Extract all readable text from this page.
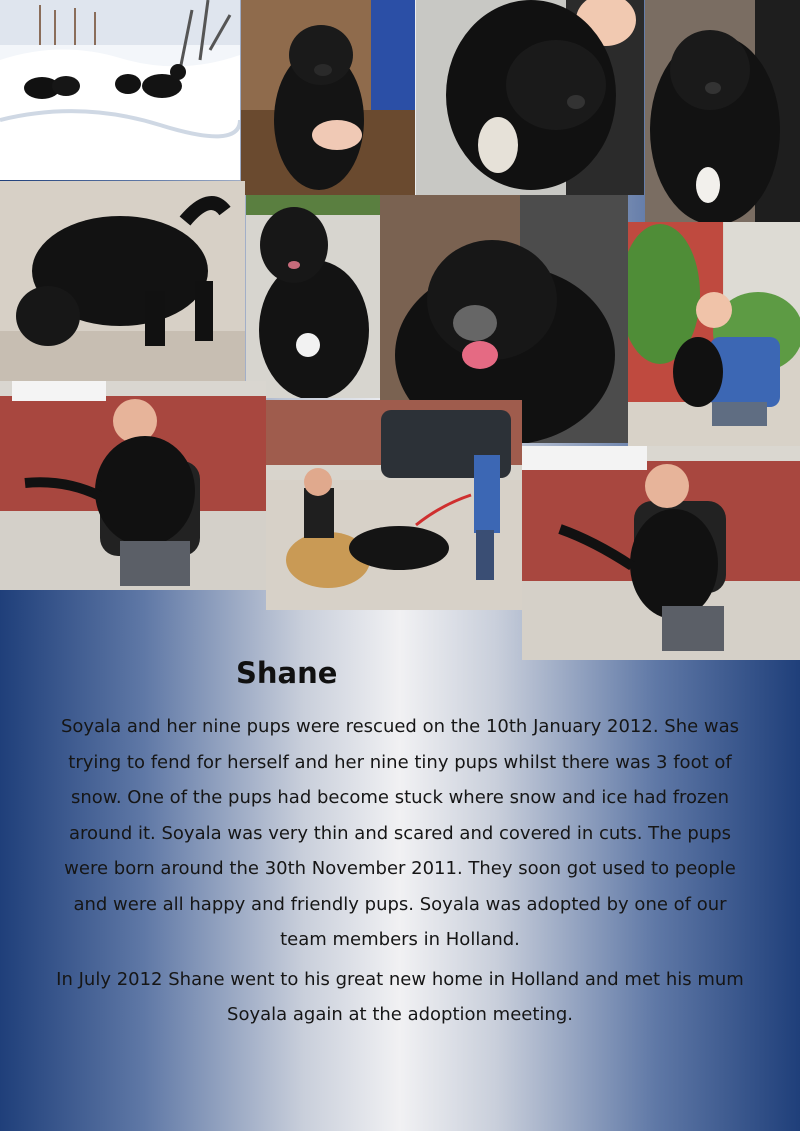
Shane

Soyala and her nine pups were rescued on the 10th January 2012. She was trying to fend for herself and her nine tiny pups whilst there was 3 foot of snow. One of the pups had become stuck where snow and ice had frozen around it. Soyala was very thin and scared and covered in cuts. The pups were born around the 30th November 2011. They soon got used to people and were all happy and friendly pups. Soyala was adopted by one of our team members in Holland.

In July 2012 Shane went to his great new home in Holland and met his mum Soyala again at the adoption meeting.
